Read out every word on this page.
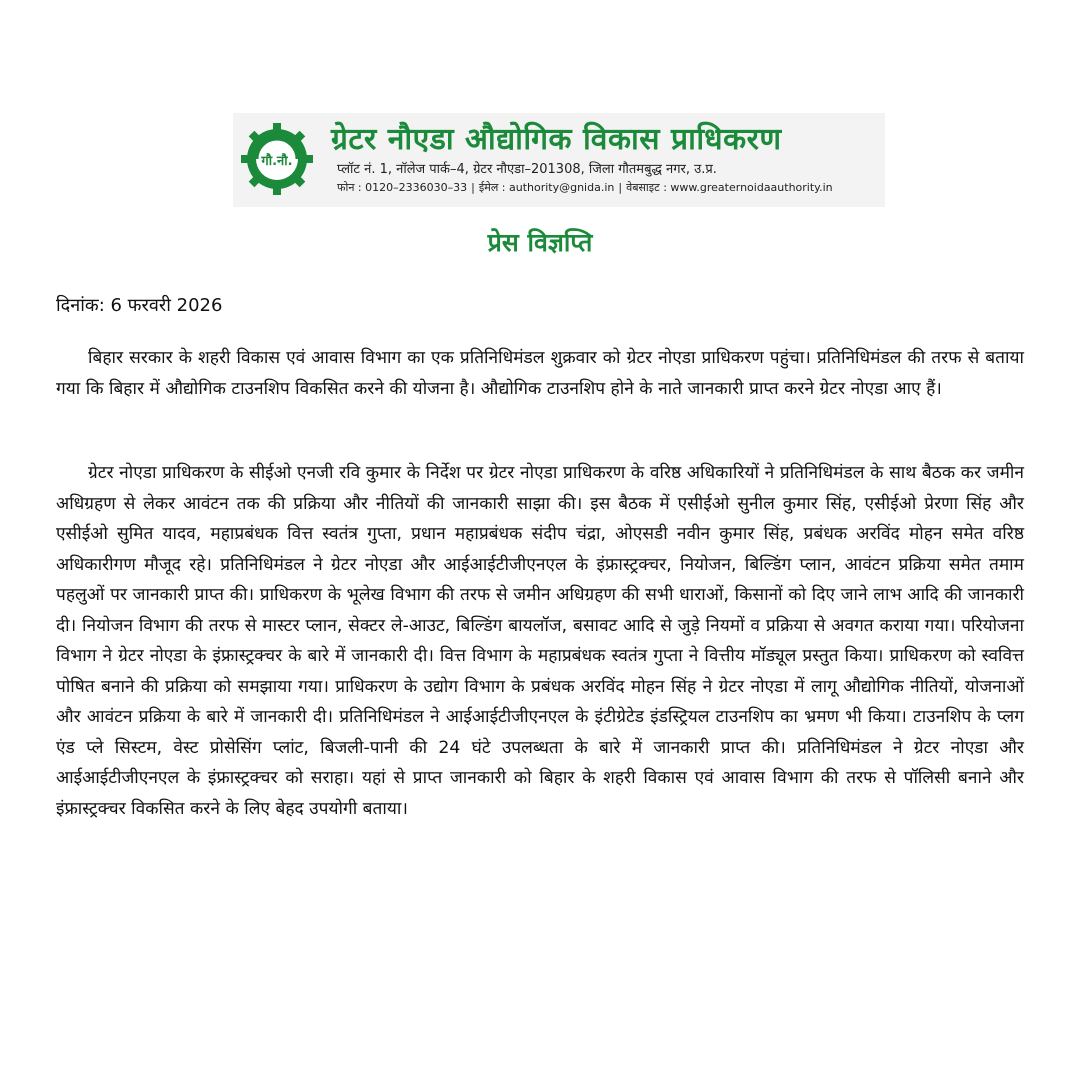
गौ.नौ.
ग्रेटर नौएडा औद्योगिक विकास प्राधिकरण
प्लॉट नं. 1, नॉलेज पार्क–4, ग्रेटर नौएडा–201308, जिला गौतमबुद्ध नगर, उ.प्र.
फोन : 0120–2336030–33 | ईमेल : authority@gnida.in | वेबसाइट : www.greaternoidaauthority.in
प्रेस विज्ञप्ति
दिनांक: 6 फरवरी 2026

बिहार सरकार के शहरी विकास एवं आवास विभाग का एक प्रतिनिधिमंडल शुक्रवार को ग्रेटर नोएडा प्राधिकरण पहुंचा। प्रतिनिधिमंडल की तरफ से बताया गया कि बिहार में औद्योगिक टाउनशिप विकसित करने की योजना है। औद्योगिक टाउनशिप होने के नाते जानकारी प्राप्त करने ग्रेटर नोएडा आए हैं।

ग्रेटर नोएडा प्राधिकरण के सीईओ एनजी रवि कुमार के निर्देश पर ग्रेटर नोएडा प्राधिकरण के वरिष्ठ अधिकारियों ने प्रतिनिधिमंडल के साथ बैठक कर जमीन अधिग्रहण से लेकर आवंटन तक की प्रक्रिया और नीतियों की जानकारी साझा की। इस बैठक में एसीईओ सुनील कुमार सिंह, एसीईओ प्रेरणा सिंह और एसीईओ सुमित यादव, महाप्रबंधक वित्त स्वतंत्र गुप्ता, प्रधान महाप्रबंधक संदीप चंद्रा, ओएसडी नवीन कुमार सिंह, प्रबंधक अरविंद मोहन समेत वरिष्ठ अधिकारीगण मौजूद रहे। प्रतिनिधिमंडल ने ग्रेटर नोएडा और आईआईटीजीएनएल के इंफ्रास्ट्रक्चर, नियोजन, बिल्डिंग प्लान, आवंटन प्रक्रिया समेत तमाम पहलुओं पर जानकारी प्राप्त की। प्राधिकरण के भूलेख विभाग की तरफ से जमीन अधिग्रहण की सभी धाराओं, किसानों को दिए जाने लाभ आदि की जानकारी दी। नियोजन विभाग की तरफ से मास्टर प्लान, सेक्टर ले-आउट, बिल्डिंग बायलॉज, बसावट आदि से जुड़े नियमों व प्रक्रिया से अवगत कराया गया। परियोजना विभाग ने ग्रेटर नोएडा के इंफ्रास्ट्रक्चर के बारे में जानकारी दी। वित्त विभाग के महाप्रबंधक स्वतंत्र गुप्ता ने वित्तीय मॉड्यूल प्रस्तुत किया। प्राधिकरण को स्ववित्त पोषित बनाने की प्रक्रिया को समझाया गया। प्राधिकरण के उद्योग विभाग के प्रबंधक अरविंद मोहन सिंह ने ग्रेटर नोएडा में लागू औद्योगिक नीतियों, योजनाओं और आवंटन प्रक्रिया के बारे में जानकारी दी। प्रतिनिधिमंडल ने आईआईटीजीएनएल के इंटीग्रेटेड इंडस्ट्रियल टाउनशिप का भ्रमण भी किया। टाउनशिप के प्लग एंड प्ले सिस्टम, वेस्ट प्रोसेसिंग प्लांट, बिजली-पानी की 24 घंटे उपलब्धता के बारे में जानकारी प्राप्त की। प्रतिनिधिमंडल ने ग्रेटर नोएडा और आईआईटीजीएनएल के इंफ्रास्ट्रक्चर को सराहा। यहां से प्राप्त जानकारी को बिहार के शहरी विकास एवं आवास विभाग की तरफ से पॉलिसी बनाने और इंफ्रास्ट्रक्चर विकसित करने के लिए बेहद उपयोगी बताया।
